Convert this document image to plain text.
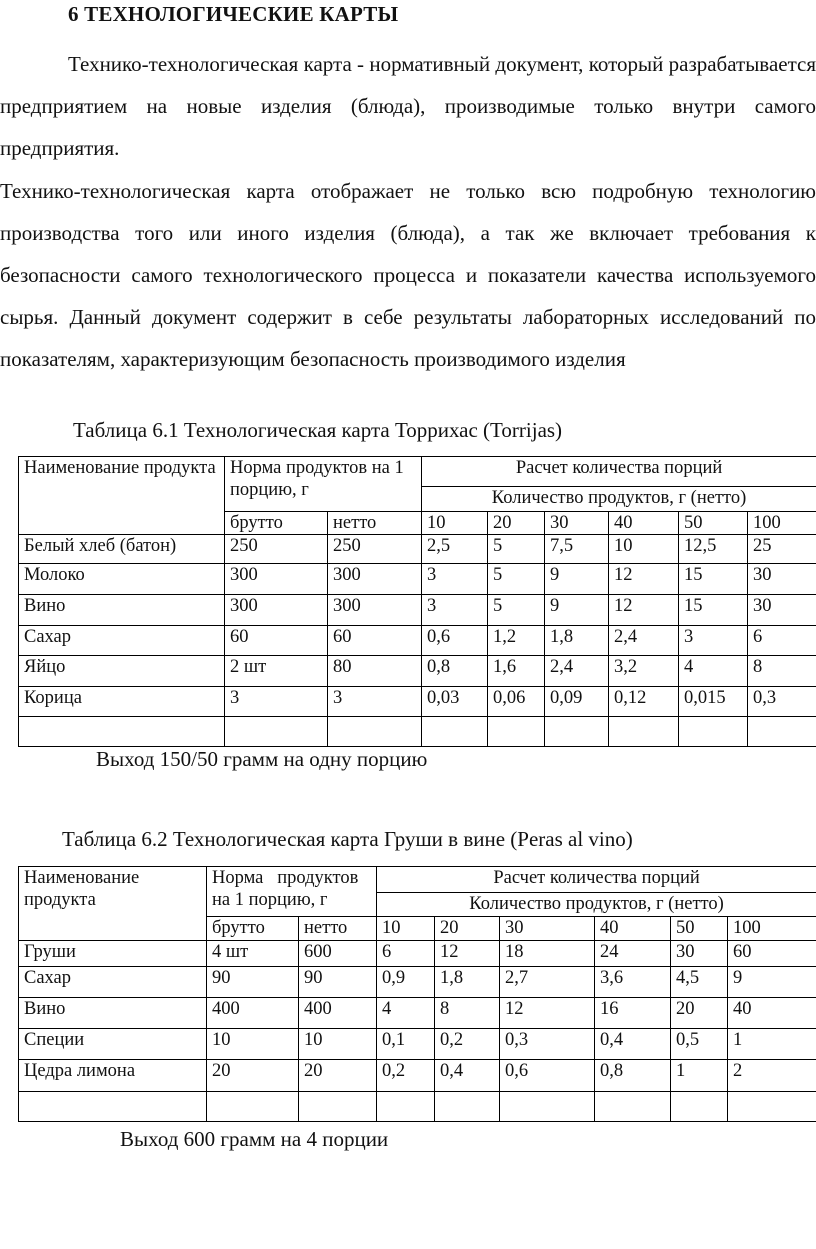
6 ТЕХНОЛОГИЧЕСКИЕ КАРТЫ
Технико-технологическая карта - нормативный документ, который разрабатывается предприятием на новые изделия (блюда), производимые только внутри самого предприятия.
Технико-технологическая карта отображает не только всю подробную технологию производства того или иного изделия (блюда), а так же включает требования к безопасности самого технологического процесса и показатели качества используемого сырья. Данный документ содержит в себе результаты лабораторных исследований по показателям, характеризующим безопасность производимого изделия
Таблица 6.1 Технологическая карта Торрихас (Torrijas)
Наименование продукта	Норма продуктов на 1 порцию, г		Расчет количества порций					
			Количество продуктов, г (нетто)					
	брутто	нетто	10	20	30	40	50	100
Белый хлеб (батон)	250	250	2,5	5	7,5	10	12,5	25
Молоко	300	300	3	5	9	12	15	30
Вино	300	300	3	5	9	12	15	30
Сахар	60	60	0,6	1,2	1,8	2,4	3	6
Яйцо	2 шт	80	0,8	1,6	2,4	3,2	4	8
Корица	3	3	0,03	0,06	0,09	0,12	0,015	0,3

Выход 150/50 грамм на одну порцию
Таблица 6.2 Технологическая карта Груши в вине (Peras al vino)
Наименование продукта	Норма   продуктов на 1 порцию, г		Расчет количества порций					
			Количество продуктов, г (нетто)					
	брутто	нетто	10	20	30	40	50	100
Груши	4 шт	600	6	12	18	24	30	60
Сахар	90	90	0,9	1,8	2,7	3,6	4,5	9
Вино	400	400	4	8	12	16	20	40
Специи	10	10	0,1	0,2	0,3	0,4	0,5	1
Цедра лимона	20	20	0,2	0,4	0,6	0,8	1	2

Выход 600 грамм на 4 порции
